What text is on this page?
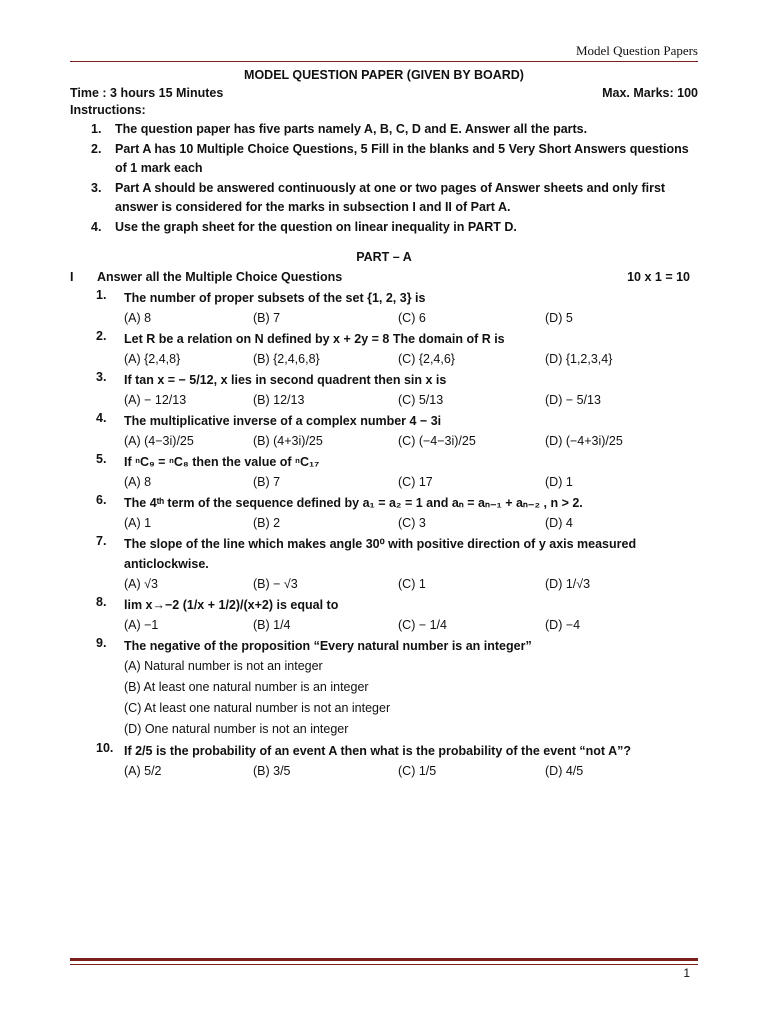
Model Question Papers
MODEL QUESTION PAPER (GIVEN BY BOARD)
Time : 3 hours 15 Minutes	Max. Marks: 100
Instructions:
1. The question paper has five parts namely A, B, C, D and E. Answer all the parts.
2. Part A has 10 Multiple Choice Questions, 5 Fill in the blanks and 5 Very Short Answers questions of 1 mark each
3. Part A should be answered continuously at one or two pages of Answer sheets and only first answer is considered for the marks in subsection I and II of Part A.
4. Use the graph sheet for the question on linear inequality in PART D.
PART – A
I	Answer all the Multiple Choice Questions	10 x 1 = 10
1. The number of proper subsets of the set {1, 2, 3} is
(A) 8	(B) 7	(C) 6	(D) 5
2. Let R be a relation on N defined by x + 2y = 8 The domain of R is
(A) {2,4,8}	(B) {2,4,6,8}	(C) {2,4,6}	(D) {1,2,3,4}
3. If tan x = − 5/12, x lies in second quadrent then sin x is
(A) − 12/13	(B) 12/13	(C) 5/13	(D) − 5/13
4. The multiplicative inverse of a complex number 4 − 3i
(A) (4−3i)/25	(B) (4+3i)/25	(C) (−4−3i)/25	(D) (−4+3i)/25
5. If ⁿC₉ = ⁿC₈ then the value of ⁿC₁₇
(A) 8	(B) 7	(C) 17	(D) 1
6. The 4ᵗʰ term of the sequence defined by a₁ = a₂ = 1 and aₙ = aₙ₋₁ + aₙ₋₂ , n > 2.
(A) 1	(B) 2	(C) 3	(D) 4
7. The slope of the line which makes angle 30⁰ with positive direction of y axis measured anticlockwise.
(A) √3	(B) − √3	(C) 1	(D) 1/√3
8. lim x→−2 (1/x + 1/2)/(x+2) is equal to
(A) −1	(B) 1/4	(C) − 1/4	(D) −4
9. The negative of the proposition “Every natural number is an integer”
(A) Natural number is not an integer
(B) At least one natural number is an integer
(C) At least one natural number is not an integer
(D) One natural number is not an integer
10. If 2/5 is the probability of an event A then what is the probability of the event “not A”?
(A) 5/2	(B) 3/5	(C) 1/5	(D) 4/5
1
